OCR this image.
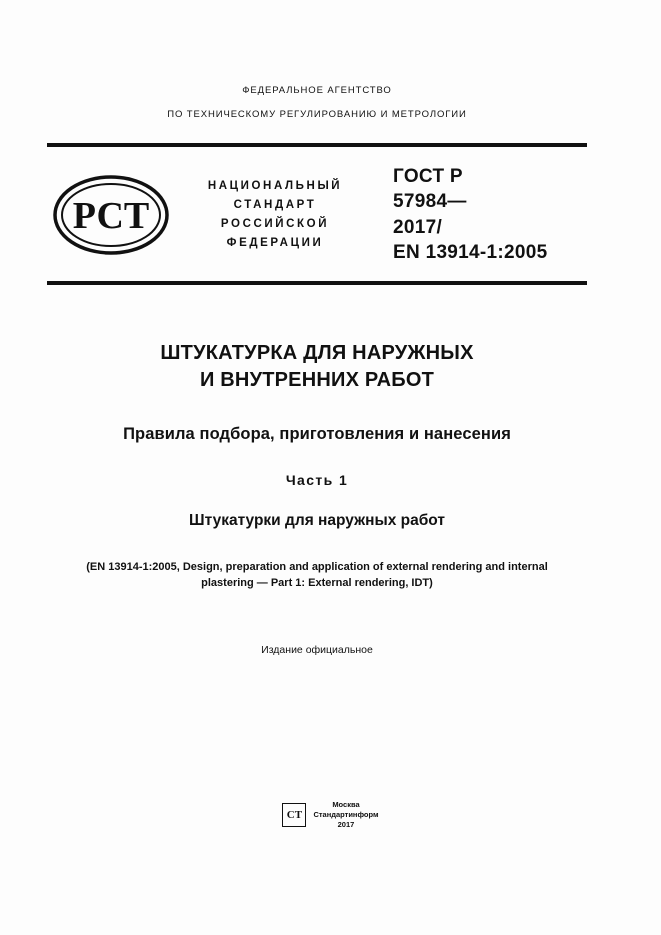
ФЕДЕРАЛЬНОЕ АГЕНТСТВО
ПО ТЕХНИЧЕСКОМУ РЕГУЛИРОВАНИЮ И МЕТРОЛОГИИ
РСТ
НАЦИОНАЛЬНЫЙ
СТАНДАРТ
РОССИЙСКОЙ
ФЕДЕРАЦИИ
ГОСТ Р
57984—
2017/
EN 13914-1:2005
ШТУКАТУРКА ДЛЯ НАРУЖНЫХ
И ВНУТРЕННИХ РАБОТ
Правила подбора, приготовления и нанесения
Часть 1
Штукатурки для наружных работ
(EN 13914-1:2005, Design, preparation and application of external rendering and internal plastering — Part 1: External rendering, IDT)
Издание официальное
СТ
Москва
Стандартинформ
2017
